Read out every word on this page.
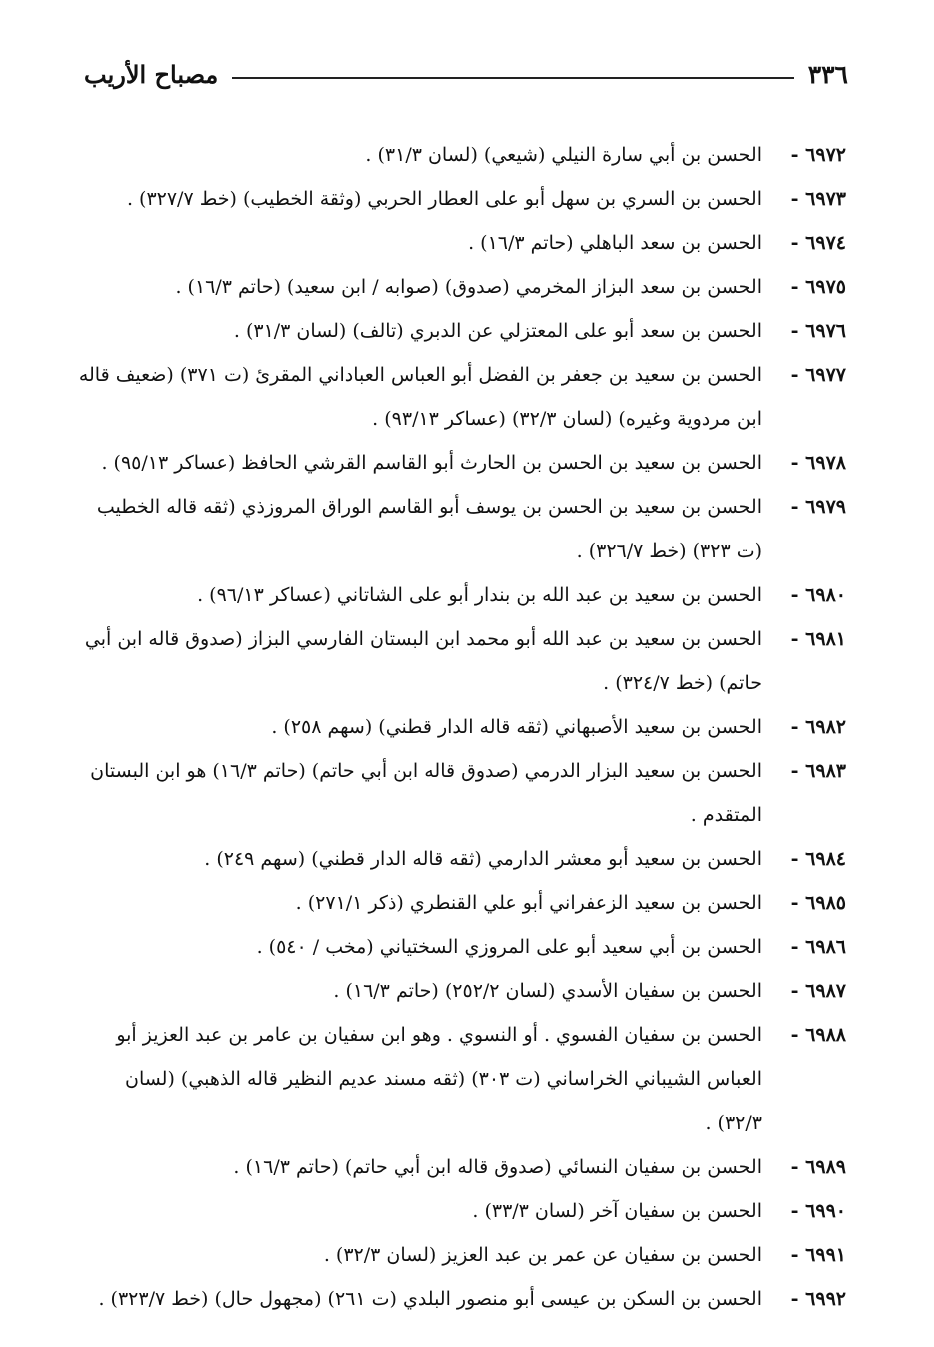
٣٣٦
مصباح الأريب
٦٩٧٢ -الحسن بن أبي سارة النيلي (شيعي) (لسان ٣١/٣) .
٦٩٧٣ -الحسن بن السري بن سهل أبو على العطار الحربي (وثقة الخطيب) (خط ٣٢٧/٧) .
٦٩٧٤ -الحسن بن سعد الباهلي (حاتم ١٦/٣) .
٦٩٧٥ -الحسن بن سعد البزاز المخرمي (صدوق) (صوابه / ابن سعيد) (حاتم ١٦/٣) .
٦٩٧٦ -الحسن بن سعد أبو على المعتزلي عن الدبري (تالف) (لسان ٣١/٣) .
٦٩٧٧ -الحسن بن سعيد بن جعفر بن الفضل أبو العباس العباداني المقرئ (ت ٣٧١) (ضعيف قاله ابن مردوية وغيره) (لسان ٣٢/٣) (عساكر ٩٣/١٣) .
٦٩٧٨ -الحسن بن سعيد بن الحسن بن الحارث أبو القاسم القرشي الحافظ (عساكر ٩٥/١٣) .
٦٩٧٩ -الحسن بن سعيد بن الحسن بن يوسف أبو القاسم الوراق المروزذي (ثقه قاله الخطيب (ت ٣٢٣) (خط ٣٢٦/٧) .
٦٩٨٠ -الحسن بن سعيد بن عبد الله بن بندار أبو على الشاتاني (عساكر ٩٦/١٣) .
٦٩٨١ -الحسن بن سعيد بن عبد الله أبو محمد ابن البستان الفارسي البزاز (صدوق قاله ابن أبي حاتم) (خط ٣٢٤/٧) .
٦٩٨٢ -الحسن بن سعيد الأصبهاني (ثقه قاله الدار قطني) (سهم ٢٥٨) .
٦٩٨٣ -الحسن بن سعيد البزار الدرمي (صدوق قاله ابن أبي حاتم) (حاتم ١٦/٣) هو ابن البستان المتقدم .
٦٩٨٤ -الحسن بن سعيد أبو معشر الدارمي (ثقه قاله الدار قطني) (سهم ٢٤٩) .
٦٩٨٥ -الحسن بن سعيد الزعفراني أبو علي القنطري (ذكر ٢٧١/١) .
٦٩٨٦ -الحسن بن أبي سعيد أبو على المروزي السختياني (مخب / ٥٤٠) .
٦٩٨٧ -الحسن بن سفيان الأسدي (لسان ٢٥٢/٢) (حاتم ١٦/٣) .
٦٩٨٨ -الحسن بن سفيان الفسوي . أو النسوي . وهو ابن سفيان بن عامر بن عبد العزيز أبو العباس الشيباني الخراساني (ت ٣٠٣) (ثقه مسند عديم النظير قاله الذهبي) (لسان ٣٢/٣) .
٦٩٨٩ -الحسن بن سفيان النسائي (صدوق قاله ابن أبي حاتم) (حاتم ١٦/٣) .
٦٩٩٠ -الحسن بن سفيان آخر (لسان ٣٣/٣) .
٦٩٩١ -الحسن بن سفيان عن عمر بن عبد العزيز (لسان ٣٢/٣) .
٦٩٩٢ -الحسن بن السكن بن عيسى أبو منصور البلدي (ت ٢٦١) (مجهول حال) (خط ٣٢٣/٧) .
